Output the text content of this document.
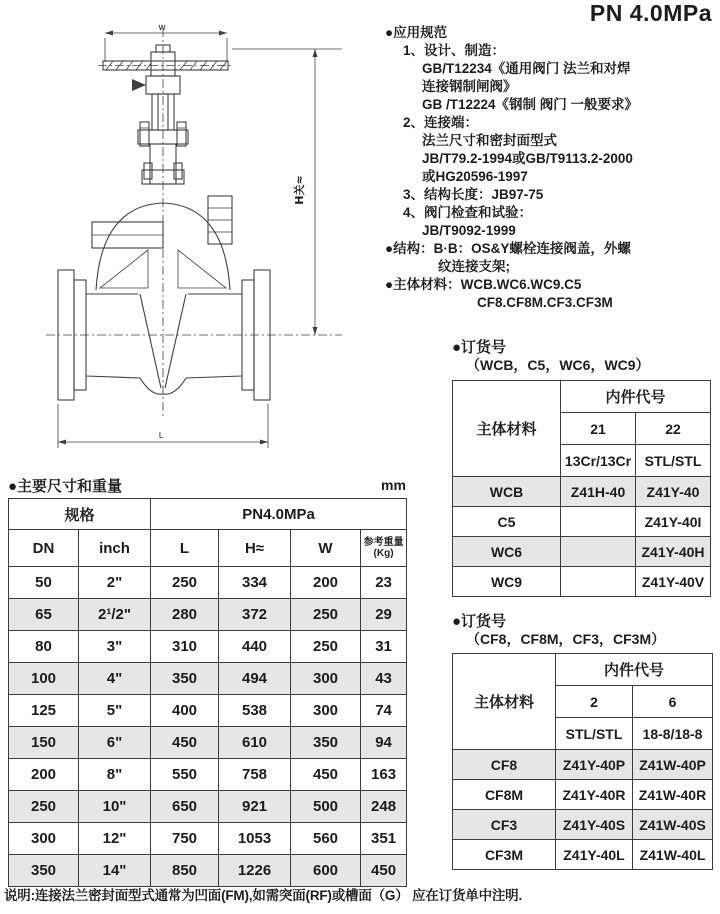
w
L
H关≈
PN 4.0MPa
●应用规范
1、设计、制造：
GB/T12234《通用阀门 法兰和对焊
连接钢制闸阀》
GB /T12224《钢制 阀门 一般要求》
2、连接端：
法兰尺寸和密封面型式
JB/T79.2-1994或GB/T9113.2-2000
或HG20596-1997
3、结构长度：JB97-75
4、阀门检查和试验：
JB/T9092-1999
●结构：B·B：OS&Y螺栓连接阀盖，外螺
纹连接支架;
●主体材料：WCB.WC6.WC9.C5
CF8.CF8M.CF3.CF3M
●订货号
（WCB，C5，WC6，WC9）
主体材料	内件代号	
	21	22
	13Cr/13Cr	STL/STL
WCB	Z41H-40	Z41Y-40
C5		Z41Y-40I
WC6		Z41Y-40H
WC9		Z41Y-40V
●订货号
（CF8，CF8M，CF3，CF3M）
主体材料	内件代号	
	2	6
	STL/STL	18-8/18-8
CF8	Z41Y-40P	Z41W-40P
CF8M	Z41Y-40R	Z41W-40R
CF3	Z41Y-40S	Z41W-40S
CF3M	Z41Y-40L	Z41W-40L
●主要尺寸和重量	mm
规格		PN4.0MPa			
DN	inch	L	H≈	W	参考重量
(Kg)

50	2"	250	334	200	23
65	2¹/2"	280	372	250	29
80	3"	310	440	250	31
100	4"	350	494	300	43
125	5"	400	538	300	74
150	6"	450	610	350	94
200	8"	550	758	450	163
250	10"	650	921	500	248
300	12"	750	1053	560	351
350	14"	850	1226	600	450
说明:连接法兰密封面型式通常为凹面(FM),如需突面(RF)或槽面（G） 应在订货单中注明.
